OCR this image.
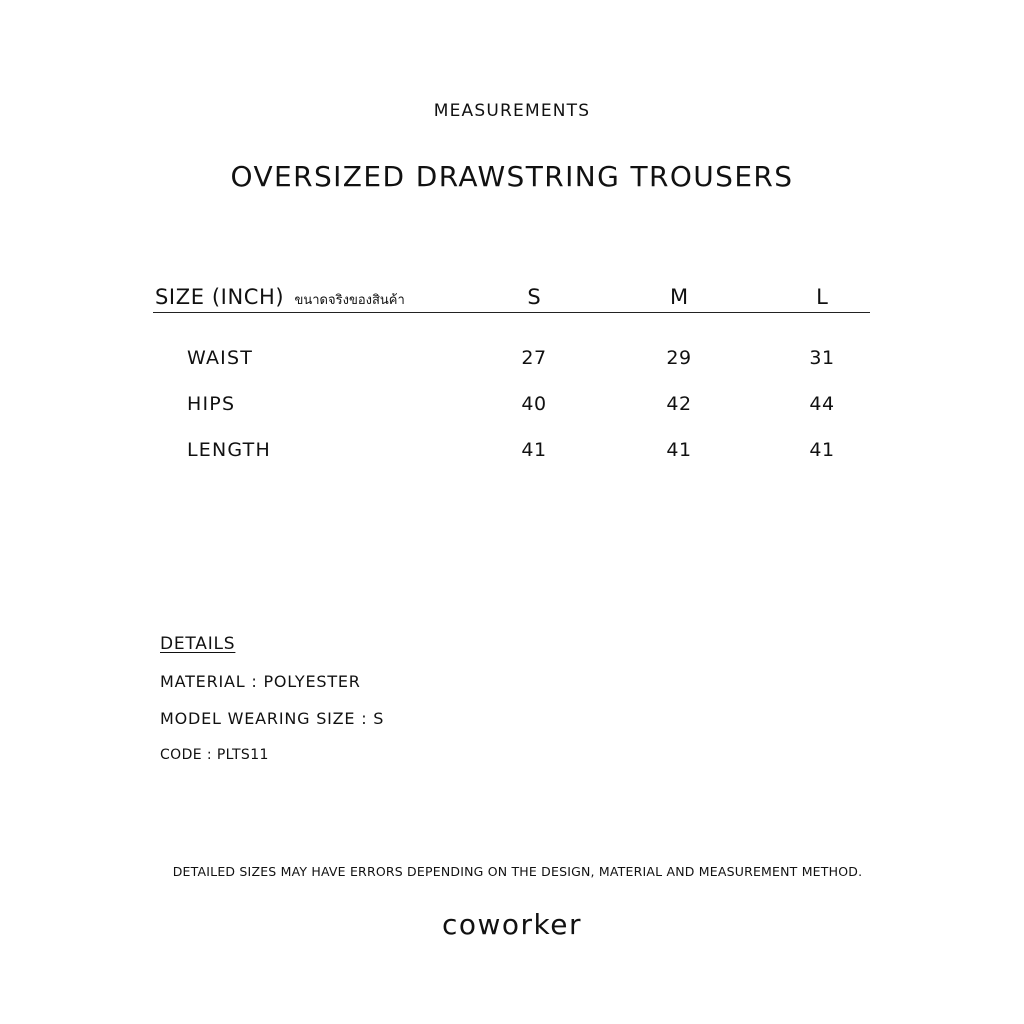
MEASUREMENTS
OVERSIZED DRAWSTRING TROUSERS
SIZE (INCH) ขนาดจริงของสินค้า	S	M	L
WAIST	27	29	31
HIPS	40	42	44
LENGTH	41	41	41
DETAILS
MATERIAL : POLYESTER
MODEL WEARING SIZE : S
CODE : PLTS11
DETAILED SIZES MAY HAVE ERRORS DEPENDING ON THE DESIGN, MATERIAL AND MEASUREMENT METHOD.
coworker
